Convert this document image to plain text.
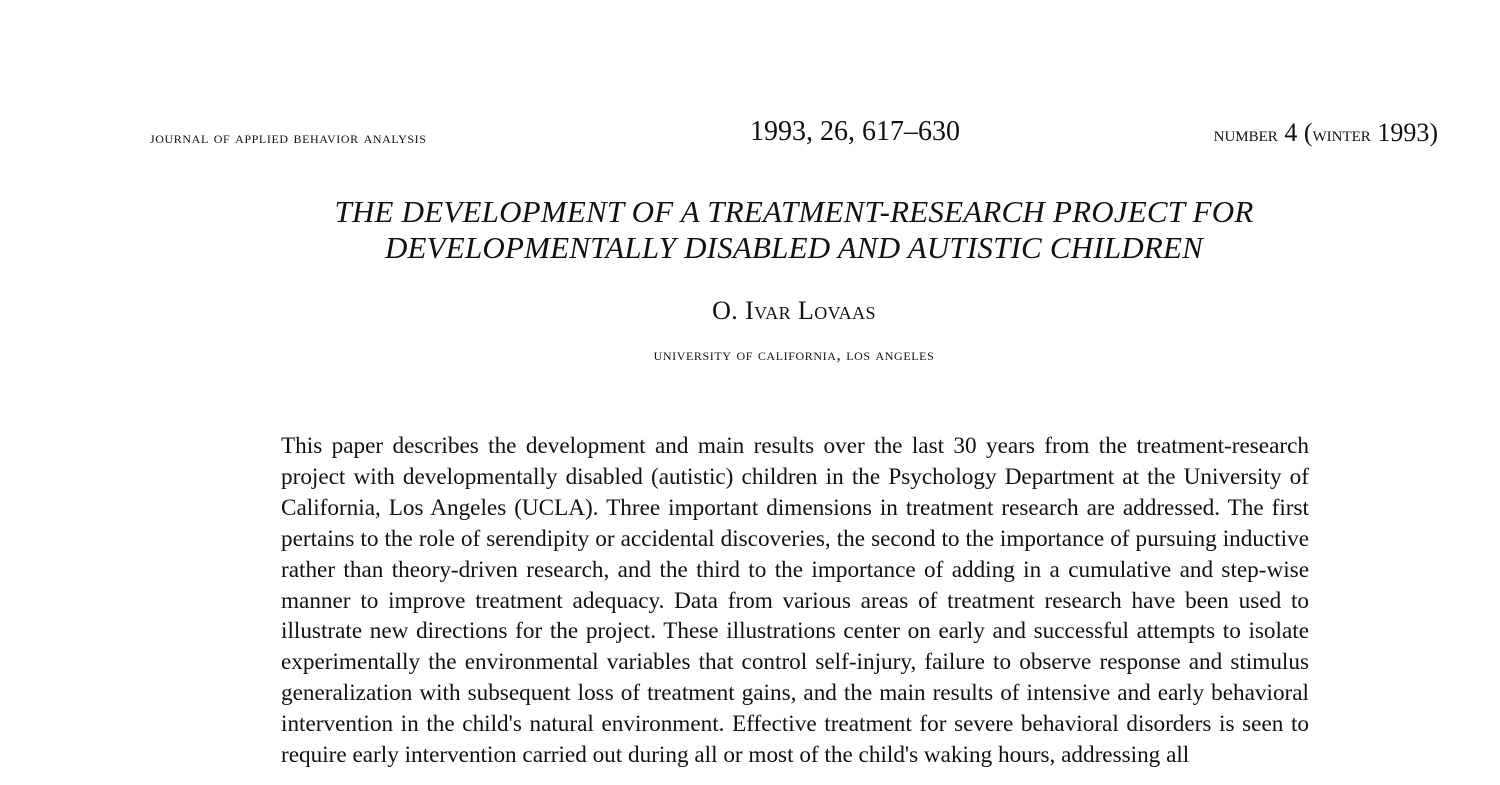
journal of applied behavior analysis	1993, 26, 617–630	number 4 (winter 1993)
THE DEVELOPMENT OF A TREATMENT-RESEARCH PROJECT FOR
DEVELOPMENTALLY DISABLED AND AUTISTIC CHILDREN
O. Ivar Lovaas
university of california, los angeles

This paper describes the development and main results over the last 30 years from the treatment-research project with developmentally disabled (autistic) children in the Psychology Department at the University of California, Los Angeles (UCLA). Three important dimensions in treatment research are addressed. The first pertains to the role of serendipity or accidental discoveries, the second to the importance of pursuing inductive rather than theory-driven research, and the third to the importance of adding in a cumulative and step-wise manner to improve treatment adequacy. Data from various areas of treatment research have been used to illustrate new directions for the project. These illustrations center on early and successful attempts to isolate experimentally the environmental variables that control self-injury, failure to observe response and stimulus generalization with subsequent loss of treatment gains, and the main results of intensive and early behavioral intervention in the child's natural environment. Effective treatment for severe behavioral disorders is seen to require early intervention carried out during all or most of the child's waking hours, addressing all
